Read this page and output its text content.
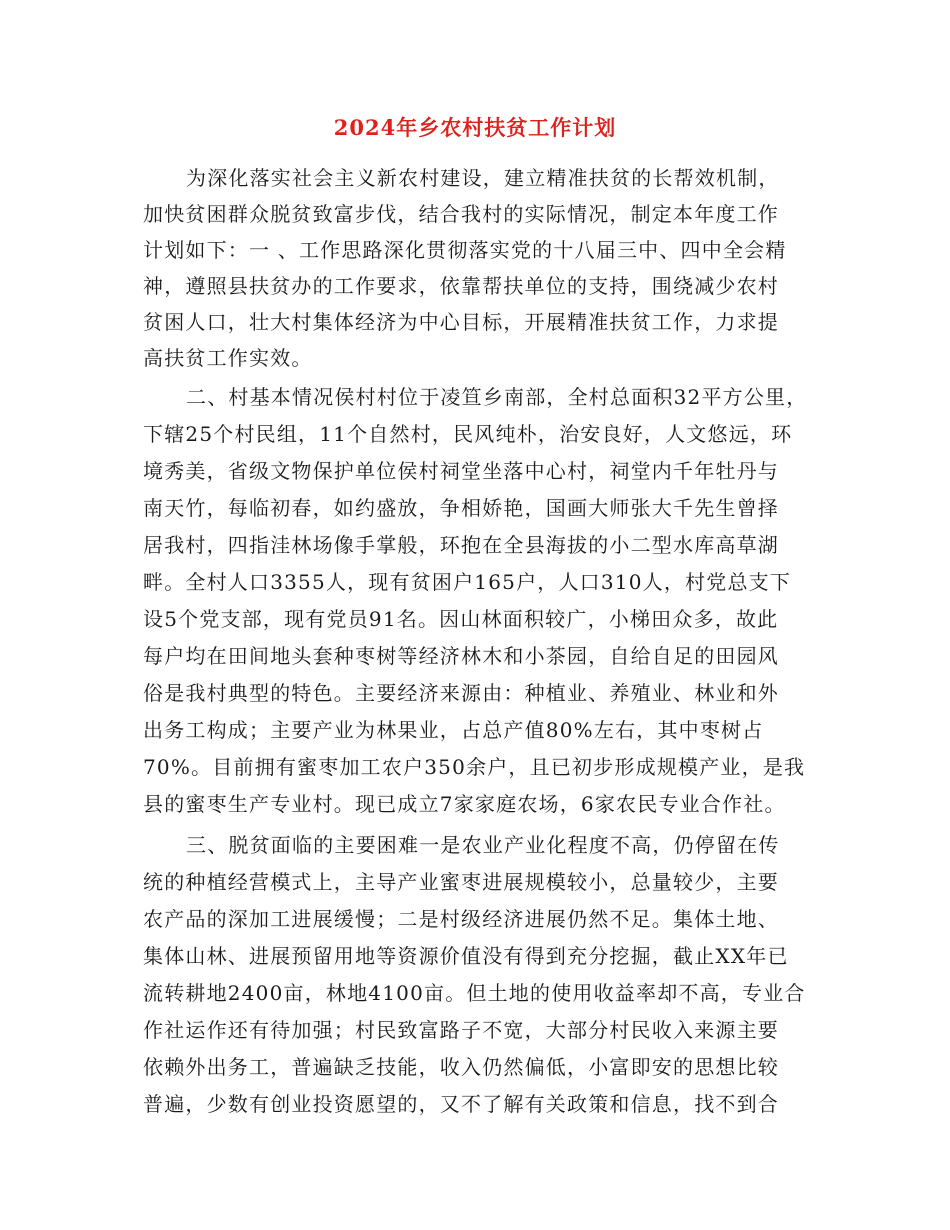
2024年乡农村扶贫工作计划
为深化落实社会主义新农村建设，建立精准扶贫的长帮效机制，
加快贫困群众脱贫致富步伐，结合我村的实际情况，制定本年度工作
计划如下：一 、工作思路深化贯彻落实党的十八届三中、四中全会精
神，遵照县扶贫办的工作要求，依靠帮扶单位的支持，围绕减少农村
贫困人口，壮大村集体经济为中心目标，开展精准扶贫工作，力求提
高扶贫工作实效。
二、村基本情况侯村村位于凌笪乡南部，全村总面积32平方公里，
下辖25个村民组，11个自然村，民风纯朴，治安良好，人文悠远，环
境秀美，省级文物保护单位侯村祠堂坐落中心村，祠堂内千年牡丹与
南天竹，每临初春，如约盛放，争相娇艳，国画大师张大千先生曾择
居我村，四指洼林场像手掌般，环抱在全县海拔的小二型水库高草湖
畔。全村人口3355人，现有贫困户165户，人口310人，村党总支下
设5个党支部，现有党员91名。因山林面积较广，小梯田众多，故此
每户均在田间地头套种枣树等经济林木和小茶园，自给自足的田园风
俗是我村典型的特色。主要经济来源由：种植业、养殖业、林业和外
出务工构成；主要产业为林果业，占总产值80%左右，其中枣树占
70%。目前拥有蜜枣加工农户350余户，且已初步形成规模产业，是我
县的蜜枣生产专业村。现已成立7家家庭农场，6家农民专业合作社。
三、脱贫面临的主要困难一是农业产业化程度不高，仍停留在传
统的种植经营模式上，主导产业蜜枣进展规模较小，总量较少，主要
农产品的深加工进展缓慢；二是村级经济进展仍然不足。集体土地、
集体山林、进展预留用地等资源价值没有得到充分挖掘，截止XX年已
流转耕地2400亩，林地4100亩。但土地的使用收益率却不高，专业合
作社运作还有待加强；村民致富路子不宽，大部分村民收入来源主要
依赖外出务工，普遍缺乏技能，收入仍然偏低，小富即安的思想比较
普遍，少数有创业投资愿望的，又不了解有关政策和信息，找不到合
